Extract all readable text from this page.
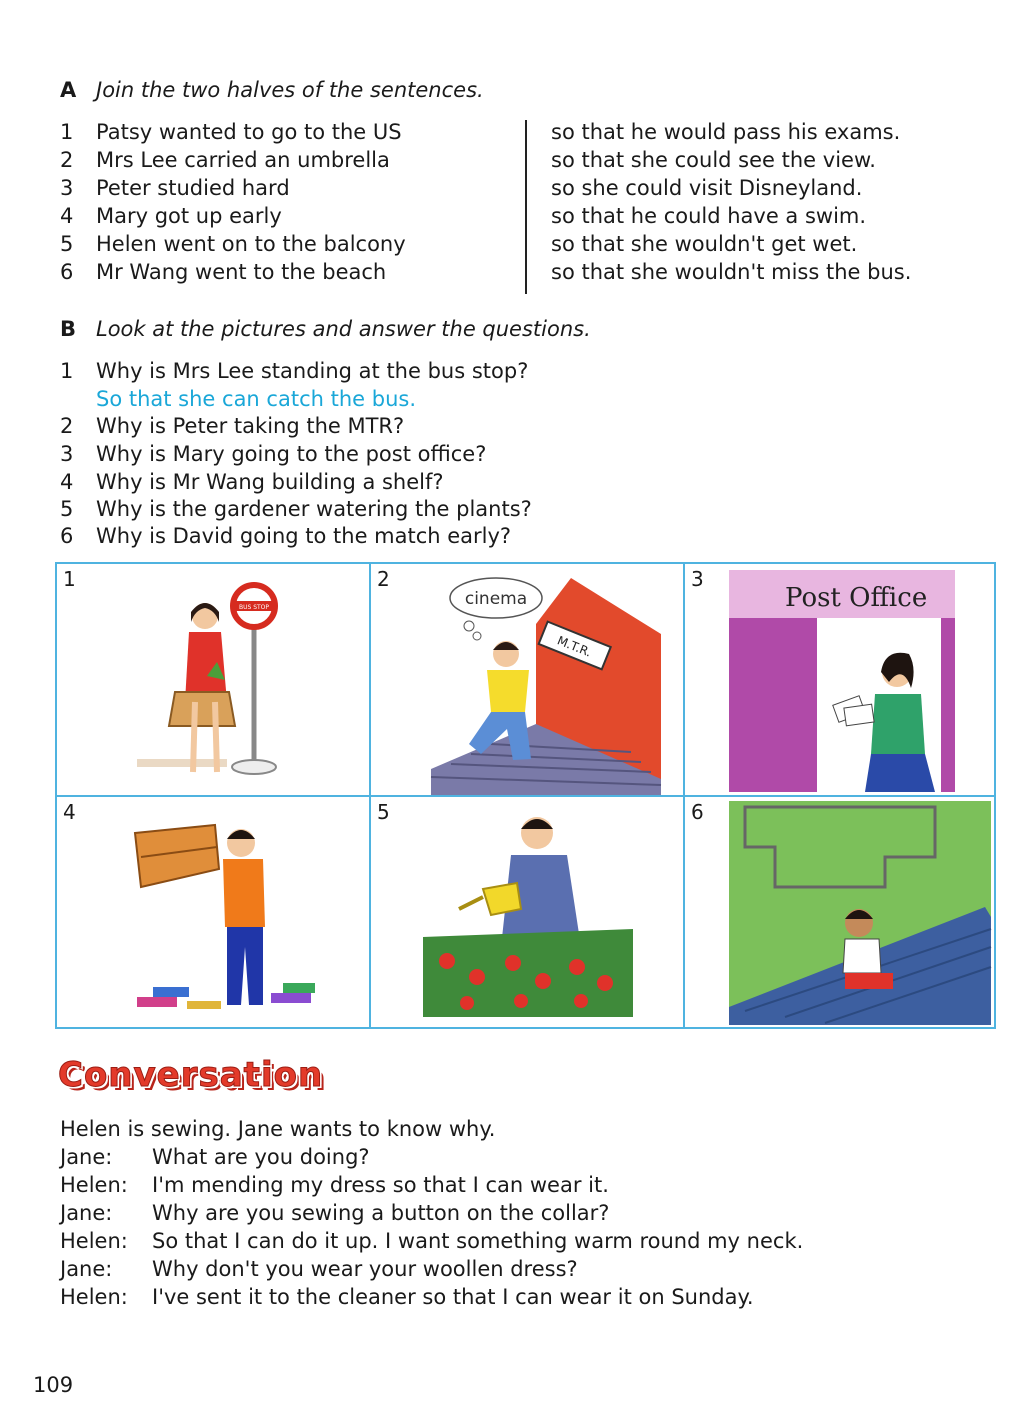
A Join the two halves of the sentences.
1 Patsy wanted to go to the US
2 Mrs Lee carried an umbrella
3 Peter studied hard
4 Mary got up early
5 Helen went on to the balcony
6 Mr Wang went to the beach
so that he would pass his exams.
so that she could see the view.
so she could visit Disneyland.
so that he could have a swim.
so that she wouldn't get wet.
so that she wouldn't miss the bus.
B Look at the pictures and answer the questions.
1 Why is Mrs Lee standing at the bus stop?
So that she can catch the bus.
2 Why is Peter taking the MTR?
3 Why is Mary going to the post office?
4 Why is Mr Wang building a shelf?
5 Why is the gardener watering the plants?
6 Why is David going to the match early?
1
BUS STOP
2
M.T.R.
cinema
3
Post Office
4	5	6
Conversation
Helen is sewing. Jane wants to know why.
Jane: What are you doing?
Helen: I'm mending my dress so that I can wear it.
Jane: Why are you sewing a button on the collar?
Helen: So that I can do it up. I want something warm round my neck.
Jane: Why don't you wear your woollen dress?
Helen: I've sent it to the cleaner so that I can wear it on Sunday.
109
